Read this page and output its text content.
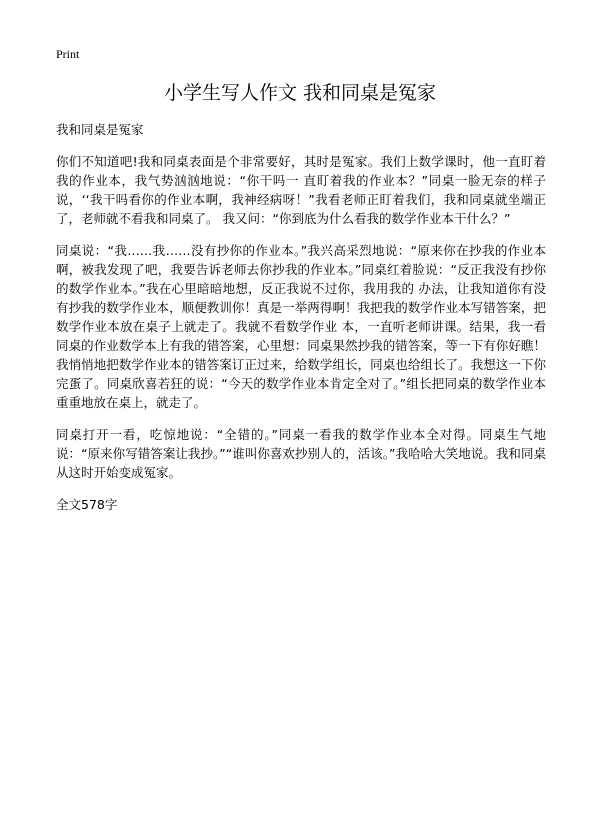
Print
小学生写人作文 我和同桌是冤家

我和同桌是冤家

你们不知道吧!我和同桌表面是个非常要好，其时是冤家。我们上数学课时，他一直盯着我的作业本，我气势汹汹地说：“你干吗一 直盯着我的作业本？”同桌一脸无奈的样子说，‘‘我干吗看你的作业本啊，我神经病呀！”我看老师正盯着我们，我和同桌就坐端正了，老师就不看我和同桌了。 我又问：“你到底为什么看我的数学作业本干什么？”

同桌说：“我……我……没有抄你的作业本。”我兴高采烈地说：“原来你在抄我的作业本啊，被我发现了吧，我要告诉老师去你抄我的作业本。”同桌红着脸说：“反正我没有抄你的数学作业本。”我在心里暗暗地想，反正我说不过你，我用我的 办法，让我知道你有没有抄我的数学作业本，顺便教训你！真是一举两得啊！我把我的数学作业本写错答案，把数学作业本放在桌子上就走了。我就不看数学作业 本，一直听老师讲课。结果，我一看同桌的作业数学本上有我的错答案，心里想：同桌果然抄我的错答案，等一下有你好瞧！我悄悄地把数学作业本的错答案订正过来，给数学组长，同桌也给组长了。我想这一下你完蛋了。同桌欣喜若狂的说：“今天的数学作业本肯定全对了。”组长把同桌的数学作业本重重地放在桌上，就走了。

同桌打开一看，吃惊地说：“全错的。”同桌一看我的数学作业本全对得。同桌生气地说：“原来你写错答案让我抄。”“谁叫你喜欢抄别人的，活该。”我哈哈大笑地说。我和同桌从这时开始变成冤家。

全文578字
